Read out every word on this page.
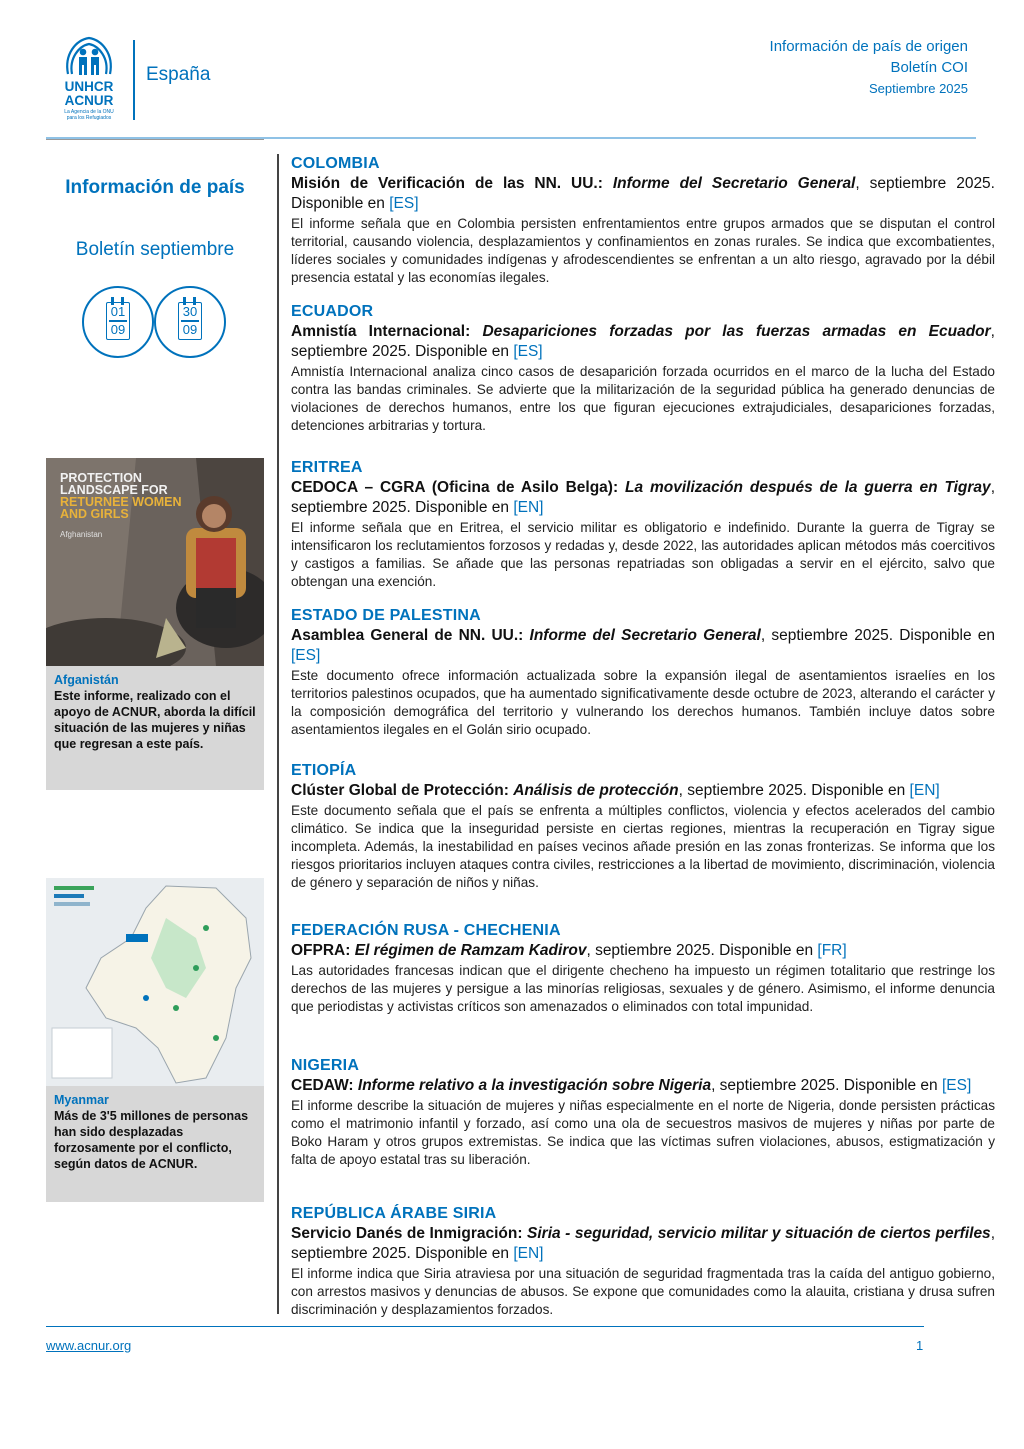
UNHCR
ACNUR
La Agencia de la ONU para los Refugiados
España
Información de país de origen
Boletín COI
Septiembre 2025
Información de país
Boletín septiembre
01
09
30
09
PROTECTION
LANDSCAPE FOR
RETURNEE WOMEN
AND GIRLS
Afghanistan
Afganistán
Este informe, realizado con el apoyo de ACNUR, aborda la difícil situación de las mujeres y niñas que regresan a este país.
Myanmar
Más de 3'5 millones de personas han sido desplazadas forzosamente por el conflicto, según datos de ACNUR.
COLOMBIA
Misión de Verificación de las NN. UU.: Informe del Secretario General, septiembre 2025. Disponible en [ES]
El informe señala que en Colombia persisten enfrentamientos entre grupos armados que se disputan el control territorial, causando violencia, desplazamientos y confinamientos en zonas rurales. Se indica que excombatientes, líderes sociales y comunidades indígenas y afrodescendientes se enfrentan a un alto riesgo, agravado por la débil presencia estatal y las economías ilegales.
ECUADOR
Amnistía Internacional: Desapariciones forzadas por las fuerzas armadas en Ecuador, septiembre 2025. Disponible en [ES]
Amnistía Internacional analiza cinco casos de desaparición forzada ocurridos en el marco de la lucha del Estado contra las bandas criminales. Se advierte que la militarización de la seguridad pública ha generado denuncias de violaciones de derechos humanos, entre los que figuran ejecuciones extrajudiciales, desapariciones forzadas, detenciones arbitrarias y tortura.
ERITREA
CEDOCA – CGRA (Oficina de Asilo Belga): La movilización después de la guerra en Tigray, septiembre 2025. Disponible en [EN]
El informe señala que en Eritrea, el servicio militar es obligatorio e indefinido. Durante la guerra de Tigray se intensificaron los reclutamientos forzosos y redadas y, desde 2022, las autoridades aplican métodos más coercitivos y castigos a familias. Se añade que las personas repatriadas son obligadas a servir en el ejército, salvo que obtengan una exención.
ESTADO DE PALESTINA
Asamblea General de NN. UU.: Informe del Secretario General, septiembre 2025. Disponible en [ES]
Este documento ofrece información actualizada sobre la expansión ilegal de asentamientos israelíes en los territorios palestinos ocupados, que ha aumentado significativamente desde octubre de 2023, alterando el carácter y la composición demográfica del territorio y vulnerando los derechos humanos. También incluye datos sobre asentamientos ilegales en el Golán sirio ocupado.
ETIOPÍA
Clúster Global de Protección: Análisis de protección, septiembre 2025. Disponible en [EN]
Este documento señala que el país se enfrenta a múltiples conflictos, violencia y efectos acelerados del cambio climático. Se indica que la inseguridad persiste en ciertas regiones, mientras la recuperación en Tigray sigue incompleta. Además, la inestabilidad en países vecinos añade presión en las zonas fronterizas. Se informa que los riesgos prioritarios incluyen ataques contra civiles, restricciones a la libertad de movimiento, discriminación, violencia de género y separación de niños y niñas.
FEDERACIÓN RUSA - CHECHENIA
OFPRA: El régimen de Ramzam Kadirov, septiembre 2025. Disponible en [FR]
Las autoridades francesas indican que el dirigente checheno ha impuesto un régimen totalitario que restringe los derechos de las mujeres y persigue a las minorías religiosas, sexuales y de género. Asimismo, el informe denuncia que periodistas y activistas críticos son amenazados o eliminados con total impunidad.
NIGERIA
CEDAW: Informe relativo a la investigación sobre Nigeria, septiembre 2025. Disponible en [ES]
El informe describe la situación de mujeres y niñas especialmente en el norte de Nigeria, donde persisten prácticas como el matrimonio infantil y forzado, así como una ola de secuestros masivos de mujeres y niñas por parte de Boko Haram y otros grupos extremistas. Se indica que las víctimas sufren violaciones, abusos, estigmatización y falta de apoyo estatal tras su liberación.
REPÚBLICA ÁRABE SIRIA
Servicio Danés de Inmigración: Siria - seguridad, servicio militar y situación de ciertos perfiles, septiembre 2025. Disponible en [EN]
El informe indica que Siria atraviesa por una situación de seguridad fragmentada tras la caída del antiguo gobierno, con arrestos masivos y denuncias de abusos. Se expone que comunidades como la alauita, cristiana y drusa sufren discriminación y desplazamientos forzados.
www.acnur.org	1
